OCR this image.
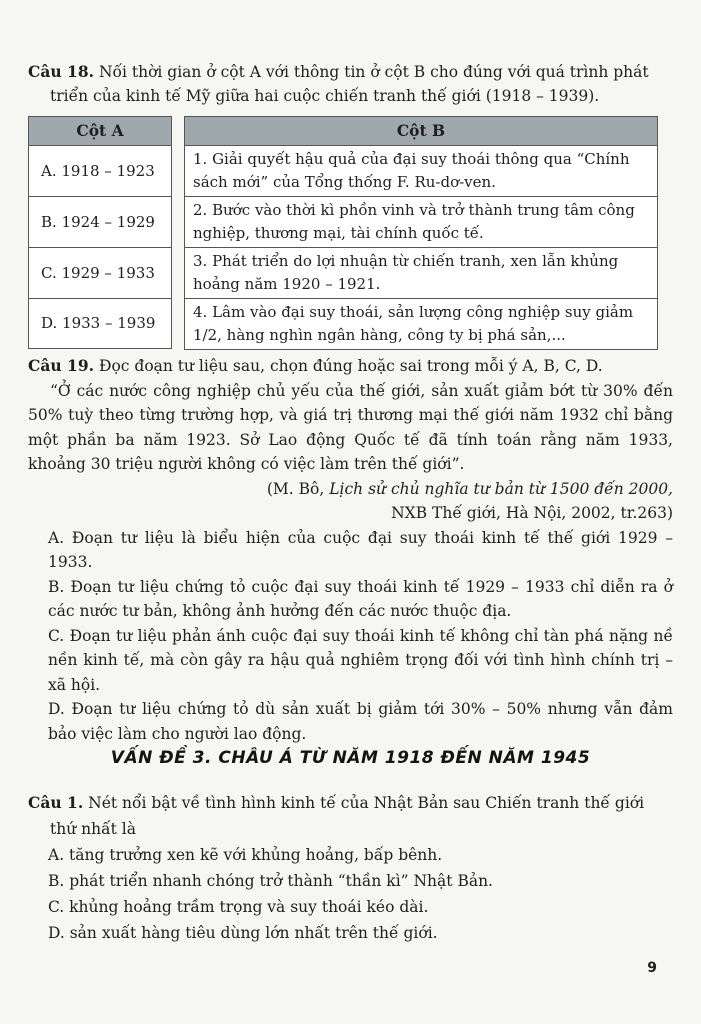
Câu 18. Nối thời gian ở cột A với thông tin ở cột B cho đúng với quá trình phát
triển của kinh tế Mỹ giữa hai cuộc chiến tranh thế giới (1918 – 1939).
Cột A
A. 1918 – 1923
B. 1924 – 1929
C. 1929 – 1933
D. 1933 – 1939
Cột B
1. Giải quyết hậu quả của đại suy thoái thông qua “Chính
sách mới” của Tổng thống F. Ru-dơ-ven.
2. Bước vào thời kì phồn vinh và trở thành trung tâm công
nghiệp, thương mại, tài chính quốc tế.
3. Phát triển do lợi nhuận từ chiến tranh, xen lẫn khủng
hoảng năm 1920 – 1921.
4. Lâm vào đại suy thoái, sản lượng công nghiệp suy giảm
1/2, hàng nghìn ngân hàng, công ty bị phá sản,...

Câu 19. Đọc đoạn tư liệu sau, chọn đúng hoặc sai trong mỗi ý A, B, C, D.

“Ở các nước công nghiệp chủ yếu của thế giới, sản xuất giảm bớt từ 30% đến 50% tuỳ theo từng trường hợp, và giá trị thương mại thế giới năm 1932 chỉ bằng một phần ba năm 1923. Sở Lao động Quốc tế đã tính toán rằng năm 1933, khoảng 30 triệu người không có việc làm trên thế giới”.

(M. Bô, Lịch sử chủ nghĩa tư bản từ 1500 đến 2000,

NXB Thế giới, Hà Nội, 2002, tr.263)

A. Đoạn tư liệu là biểu hiện của cuộc đại suy thoái kinh tế thế giới 1929 – 1933.

B. Đoạn tư liệu chứng tỏ cuộc đại suy thoái kinh tế 1929 – 1933 chỉ diễn ra ở các nước tư bản, không ảnh hưởng đến các nước thuộc địa.

C. Đoạn tư liệu phản ánh cuộc đại suy thoái kinh tế không chỉ tàn phá nặng nề nền kinh tế, mà còn gây ra hậu quả nghiêm trọng đối với tình hình chính trị – xã hội.

D. Đoạn tư liệu chứng tỏ dù sản xuất bị giảm tới 30% – 50% nhưng vẫn đảm bảo việc làm cho người lao động.

VẤN ĐỀ 3. CHÂU Á TỪ NĂM 1918 ĐẾN NĂM 1945

Câu 1. Nét nổi bật về tình hình kinh tế của Nhật Bản sau Chiến tranh thế giới

thứ nhất là

A. tăng trưởng xen kẽ với khủng hoảng, bấp bênh.

B. phát triển nhanh chóng trở thành “thần kì” Nhật Bản.

C. khủng hoảng trầm trọng và suy thoái kéo dài.

D. sản xuất hàng tiêu dùng lớn nhất trên thế giới.

9
